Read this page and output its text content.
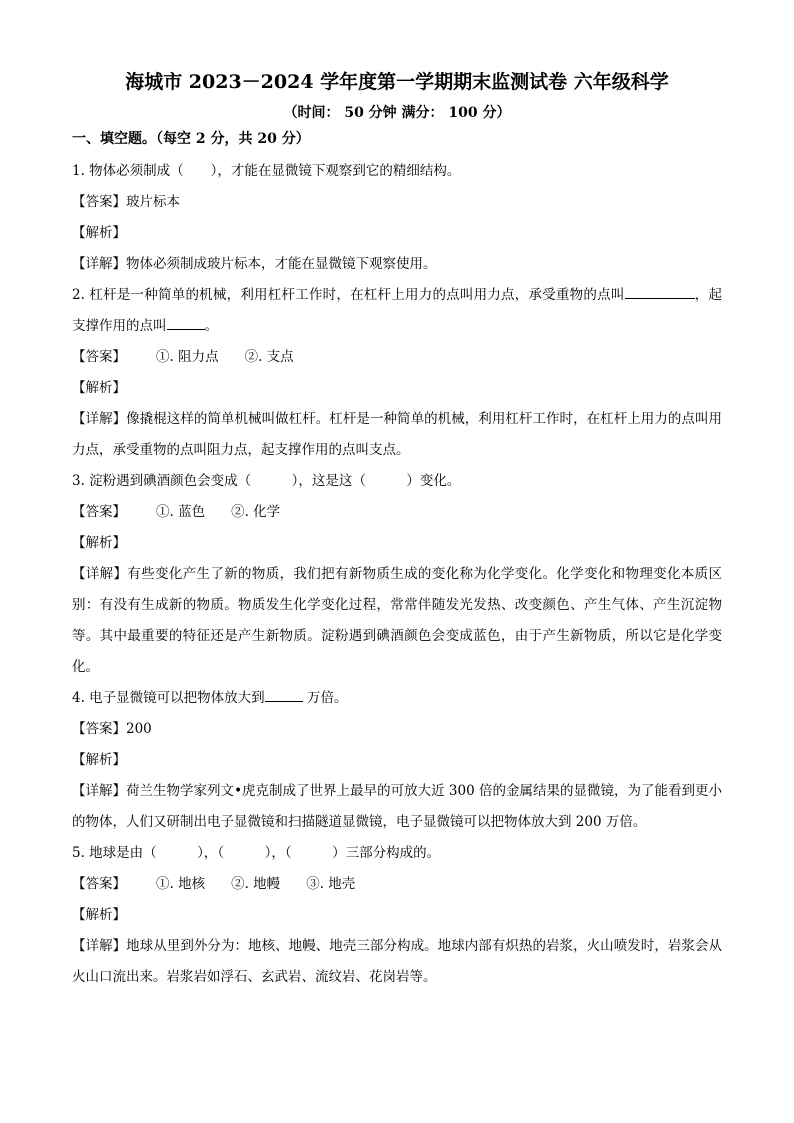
海城市 2023－2024 学年度第一学期期末监测试卷 六年级科学
（时间： 50 分钟 满分： 100 分）
一、填空题。（每空 2 分，共 20 分）

1. 物体必须制成（　　），才能在显微镜下观察到它的精细结构。

【答案】玻片标本

【解析】

【详解】物体必须制成玻片标本，才能在显微镜下观察使用。

2. 杠杆是一种简单的机械，利用杠杆工作时，在杠杆上用力的点叫用力点，承受重物的点叫	，起支撑作用的点叫	。

【答案】 ①. 阻力点 ②. 支点

【解析】

【详解】像撬棍这样的简单机械叫做杠杆。杠杆是一种简单的机械，利用杠杆工作时，在杠杆上用力的点叫用力点，承受重物的点叫阻力点，起支撑作用的点叫支点。

3. 淀粉遇到碘酒颜色会变成（　　　），这是这（　　　）变化。

【答案】 ①. 蓝色 ②. 化学

【解析】

【详解】有些变化产生了新的物质，我们把有新物质生成的变化称为化学变化。化学变化和物理变化本质区别：有没有生成新的物质。物质发生化学变化过程，常常伴随发光发热、改变颜色、产生气体、产生沉淀物等。其中最重要的特征还是产生新物质。淀粉遇到碘酒颜色会变成蓝色，由于产生新物质，所以它是化学变化。

4. 电子显微镜可以把物体放大到	万倍。

【答案】200

【解析】

【详解】荷兰生物学家列文•虎克制成了世界上最早的可放大近 300 倍的金属结果的显微镜，为了能看到更小的物体，人们又研制出电子显微镜和扫描隧道显微镜，电子显微镜可以把物体放大到 200 万倍。

5. 地球是由（　　　），（　　　），（　　　）三部分构成的。

【答案】 ①. 地核 ②. 地幔 ③. 地壳

【解析】

【详解】地球从里到外分为：地核、地幔、地壳三部分构成。地球内部有炽热的岩浆，火山喷发时，岩浆会从火山口流出来。岩浆岩如浮石、玄武岩、流纹岩、花岗岩等。
